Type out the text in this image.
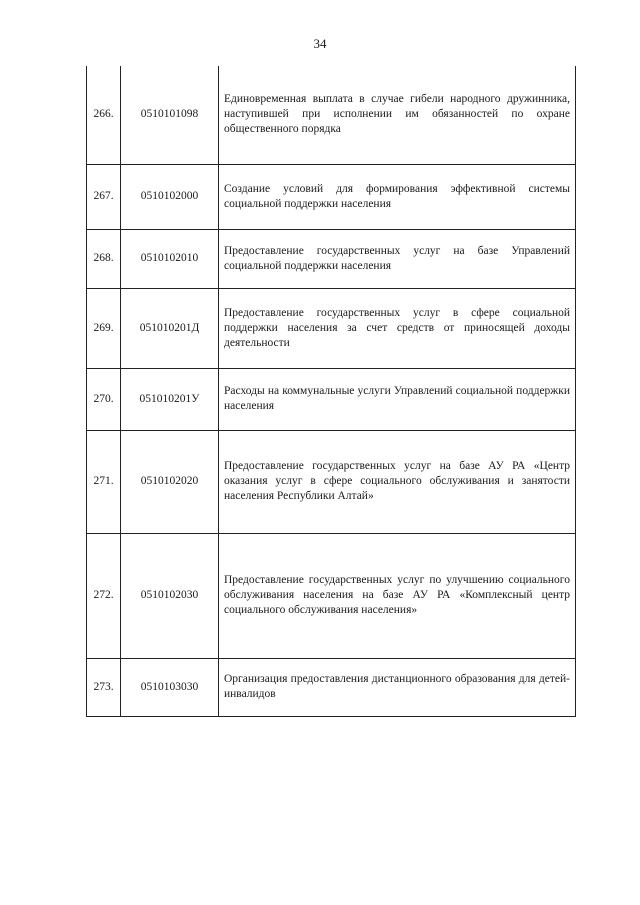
34
266.	0510101098	Единовременная выплата в случае гибели народного дружинника, наступившей при исполнении им обязанностей по охране общественного порядка
267.	0510102000	Создание условий для формирования эффективной системы социальной поддержки населения
268.	0510102010	Предоставление государственных услуг на базе Управлений социальной поддержки населения
269.	051010201Д	Предоставление государственных услуг в сфере социальной поддержки населения за счет средств от приносящей доходы деятельности
270.	051010201У	Расходы на коммунальные услуги Управлений социальной поддержки населения
271.	0510102020	Предоставление государственных услуг на базе АУ РА «Центр оказания услуг в сфере социального обслуживания и занятости населения Республики Алтай»
272.	0510102030	Предоставление государственных услуг по улучшению социального обслуживания населения на базе АУ РА «Комплексный центр социального обслуживания населения»
273.	0510103030	Организация предоставления дистанционного образования для детей-инвалидов
